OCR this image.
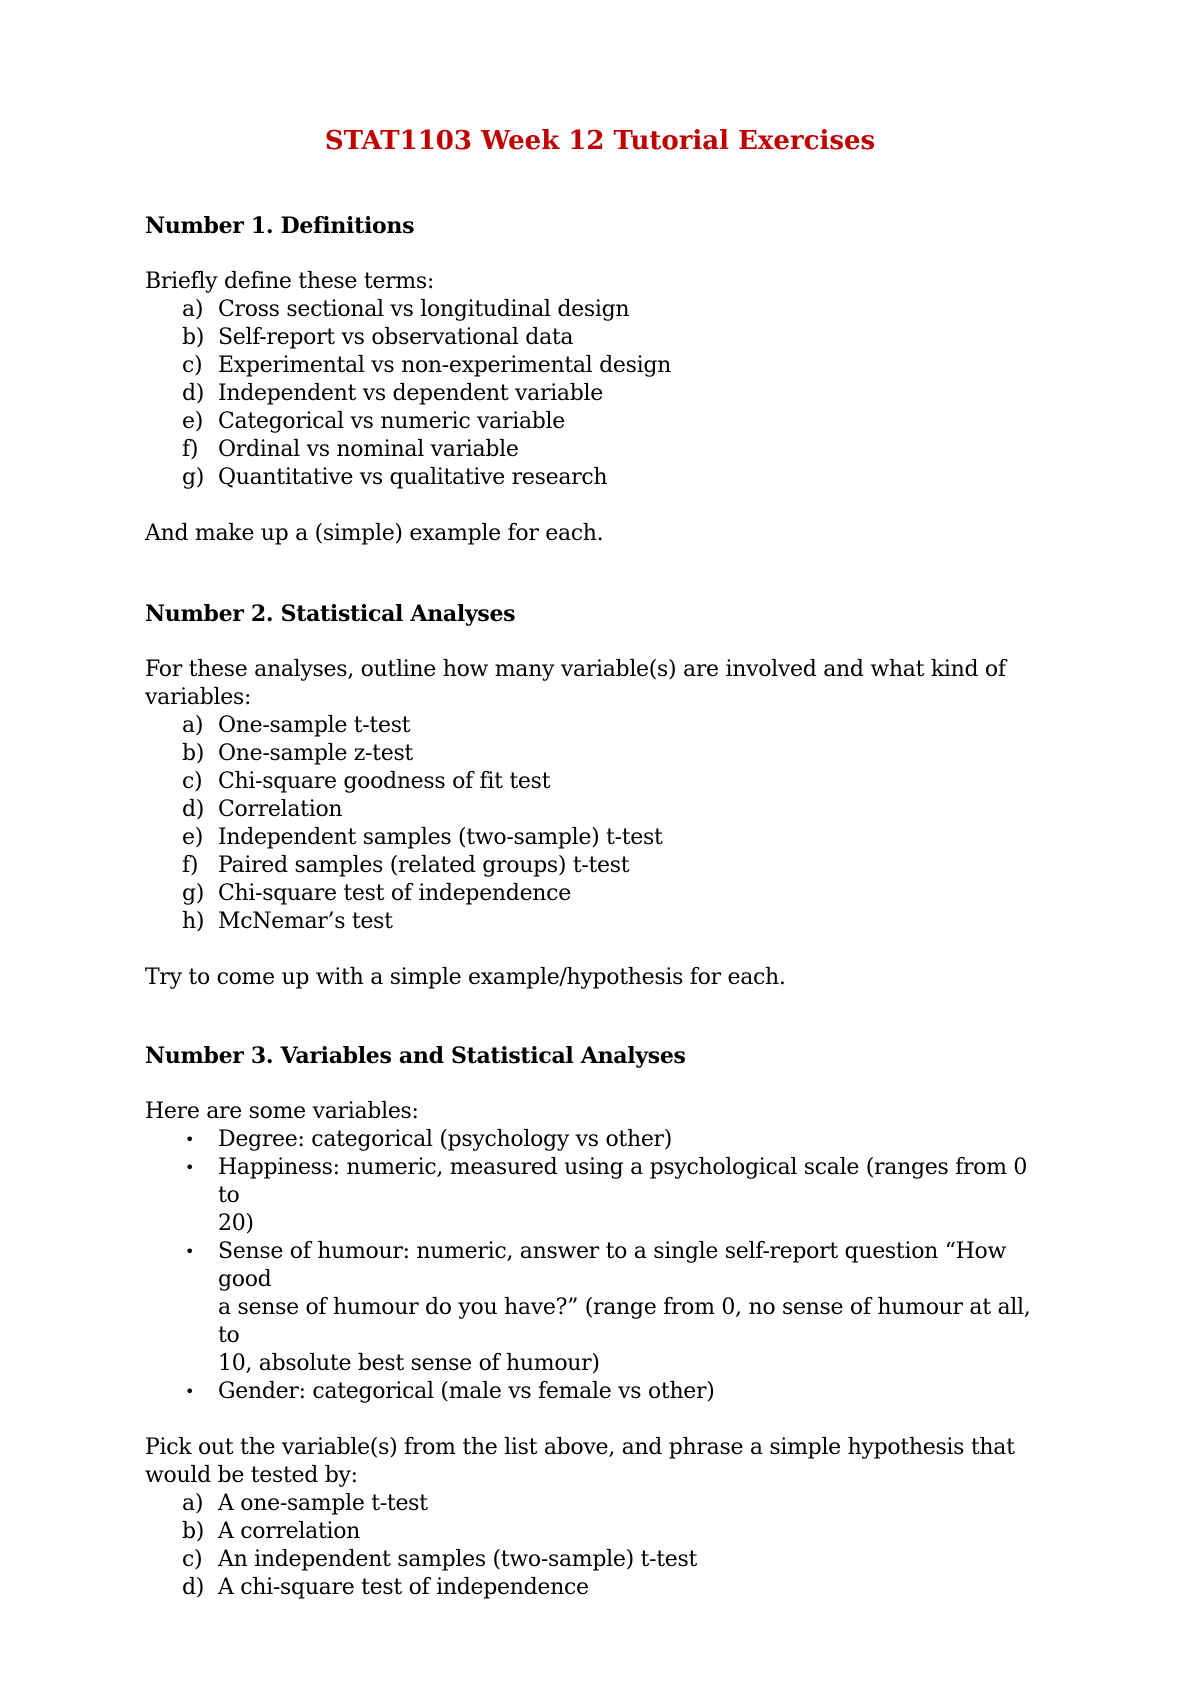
STAT1103 Week 12 Tutorial Exercises

Number 1. Definitions

Briefly define these terms:

a) Cross sectional vs longitudinal design
b) Self-report vs observational data
c) Experimental vs non-experimental design
d) Independent vs dependent variable
e) Categorical vs numeric variable
f) Ordinal vs nominal variable
g) Quantitative vs qualitative research

And make up a (simple) example for each.

Number 2. Statistical Analyses

For these analyses, outline how many variable(s) are involved and what kind of

variables:

a) One-sample t-test
b) One-sample z-test
c) Chi-square goodness of fit test
d) Correlation
e) Independent samples (two-sample) t-test
f) Paired samples (related groups) t-test
g) Chi-square test of independence
h) McNemar’s test

Try to come up with a simple example/hypothesis for each.

Number 3. Variables and Statistical Analyses

Here are some variables:

• Degree: categorical (psychology vs other)
• Happiness: numeric, measured using a psychological scale (ranges from 0 to
20)
• Sense of humour: numeric, answer to a single self-report question “How good
a sense of humour do you have?” (range from 0, no sense of humour at all, to
10, absolute best sense of humour)
• Gender: categorical (male vs female vs other)

Pick out the variable(s) from the list above, and phrase a simple hypothesis that

would be tested by:

a) A one-sample t-test
b) A correlation
c) An independent samples (two-sample) t-test
d) A chi-square test of independence
